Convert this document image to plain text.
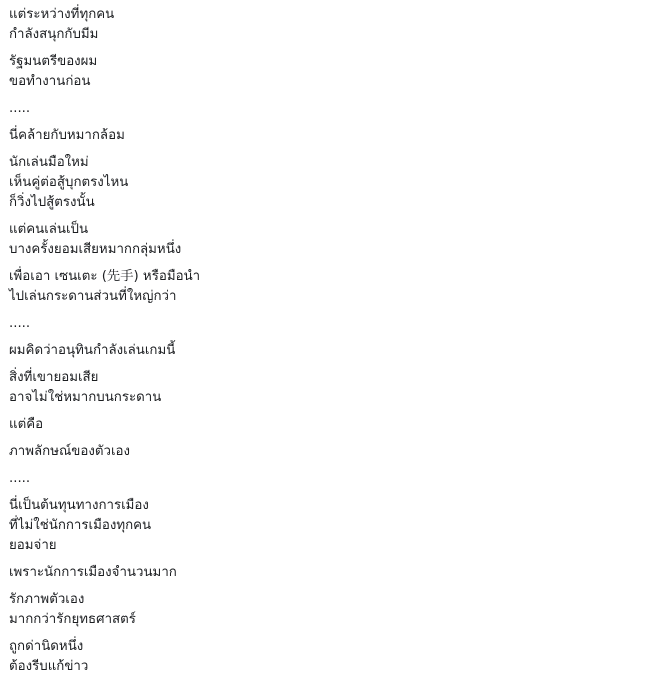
แต่ระหว่างที่ทุกคน
กำลังสนุกกับมีม
รัฐมนตรีของผม
ขอทำงานก่อน
.....
นี่คล้ายกับหมากล้อม
นักเล่นมือใหม่
เห็นคู่ต่อสู้บุกตรงไหน
ก็วิ่งไปสู้ตรงนั้น
แต่คนเล่นเป็น
บางครั้งยอมเสียหมากกลุ่มหนึ่ง
เพื่อเอา เซนเตะ (先手) หรือมือนำ
ไปเล่นกระดานส่วนที่ใหญ่กว่า
.....
ผมคิดว่าอนุทินกำลังเล่นเกมนี้
สิ่งที่เขายอมเสีย
อาจไม่ใช่หมากบนกระดาน
แต่คือ
ภาพลักษณ์ของตัวเอง
.....
นี่เป็นต้นทุนทางการเมือง
ที่ไม่ใช่นักการเมืองทุกคน
ยอมจ่าย
เพราะนักการเมืองจำนวนมาก
รักภาพตัวเอง
มากกว่ารักยุทธศาสตร์
ถูกด่านิดหนึ่ง
ต้องรีบแก้ข่าว
